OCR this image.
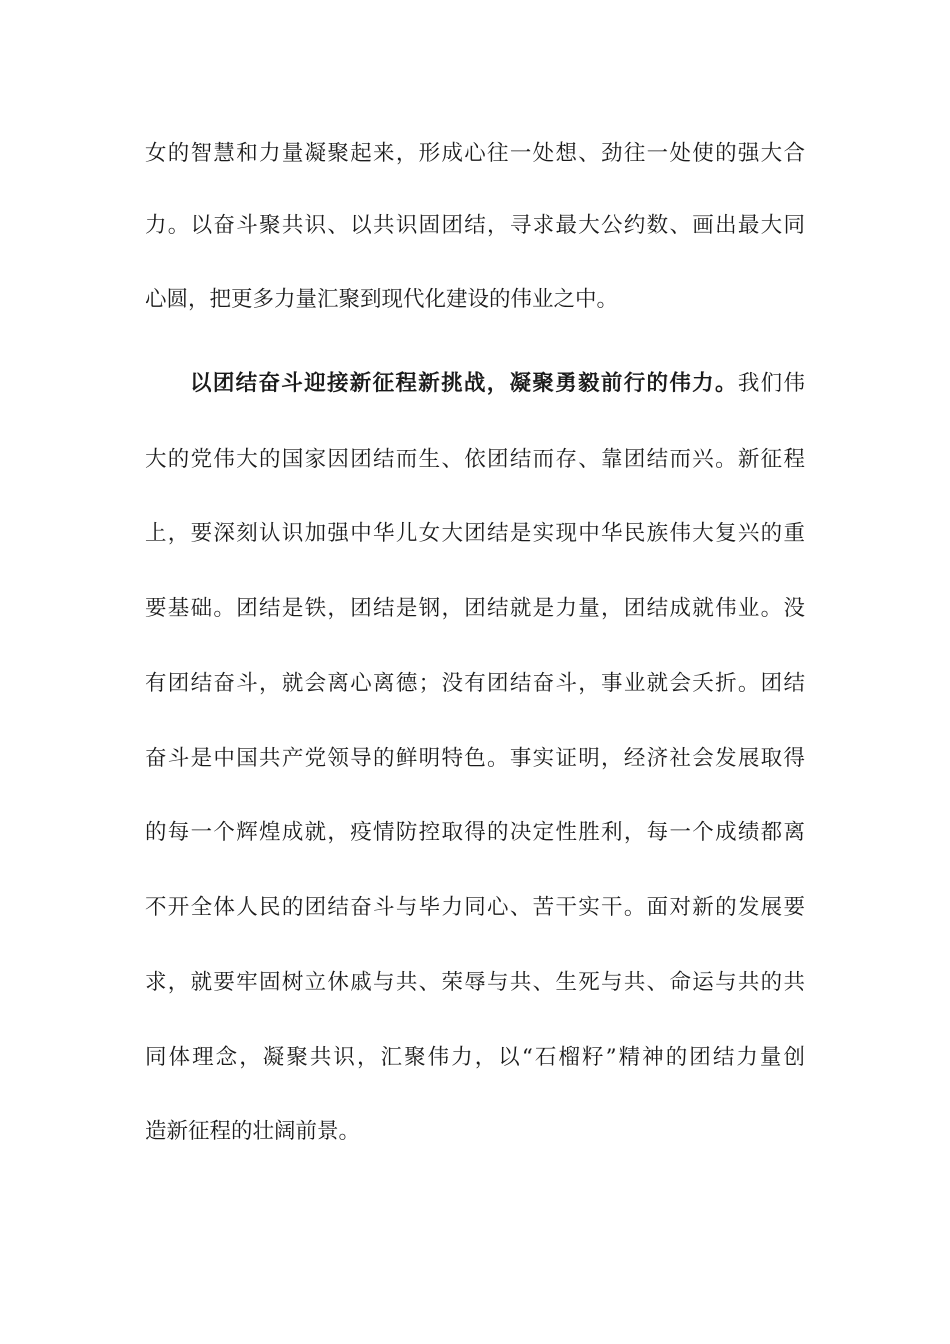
女的智慧和力量凝聚起来，形成心往一处想、劲往一处使的强大合
力。以奋斗聚共识、以共识固团结，寻求最大公约数、画出最大同
心圆，把更多力量汇聚到现代化建设的伟业之中。
以团结奋斗迎接新征程新挑战，凝聚勇毅前行的伟力。我们伟
大的党伟大的国家因团结而生、依团结而存、靠团结而兴。新征程
上，要深刻认识加强中华儿女大团结是实现中华民族伟大复兴的重
要基础。团结是铁，团结是钢，团结就是力量，团结成就伟业。没
有团结奋斗，就会离心离德；没有团结奋斗，事业就会夭折。团结
奋斗是中国共产党领导的鲜明特色。事实证明，经济社会发展取得
的每一个辉煌成就，疫情防控取得的决定性胜利，每一个成绩都离
不开全体人民的团结奋斗与毕力同心、苦干实干。面对新的发展要
求，就要牢固树立休戚与共、荣辱与共、生死与共、命运与共的共
同体理念，凝聚共识，汇聚伟力，以“石榴籽”精神的团结力量创
造新征程的壮阔前景。
